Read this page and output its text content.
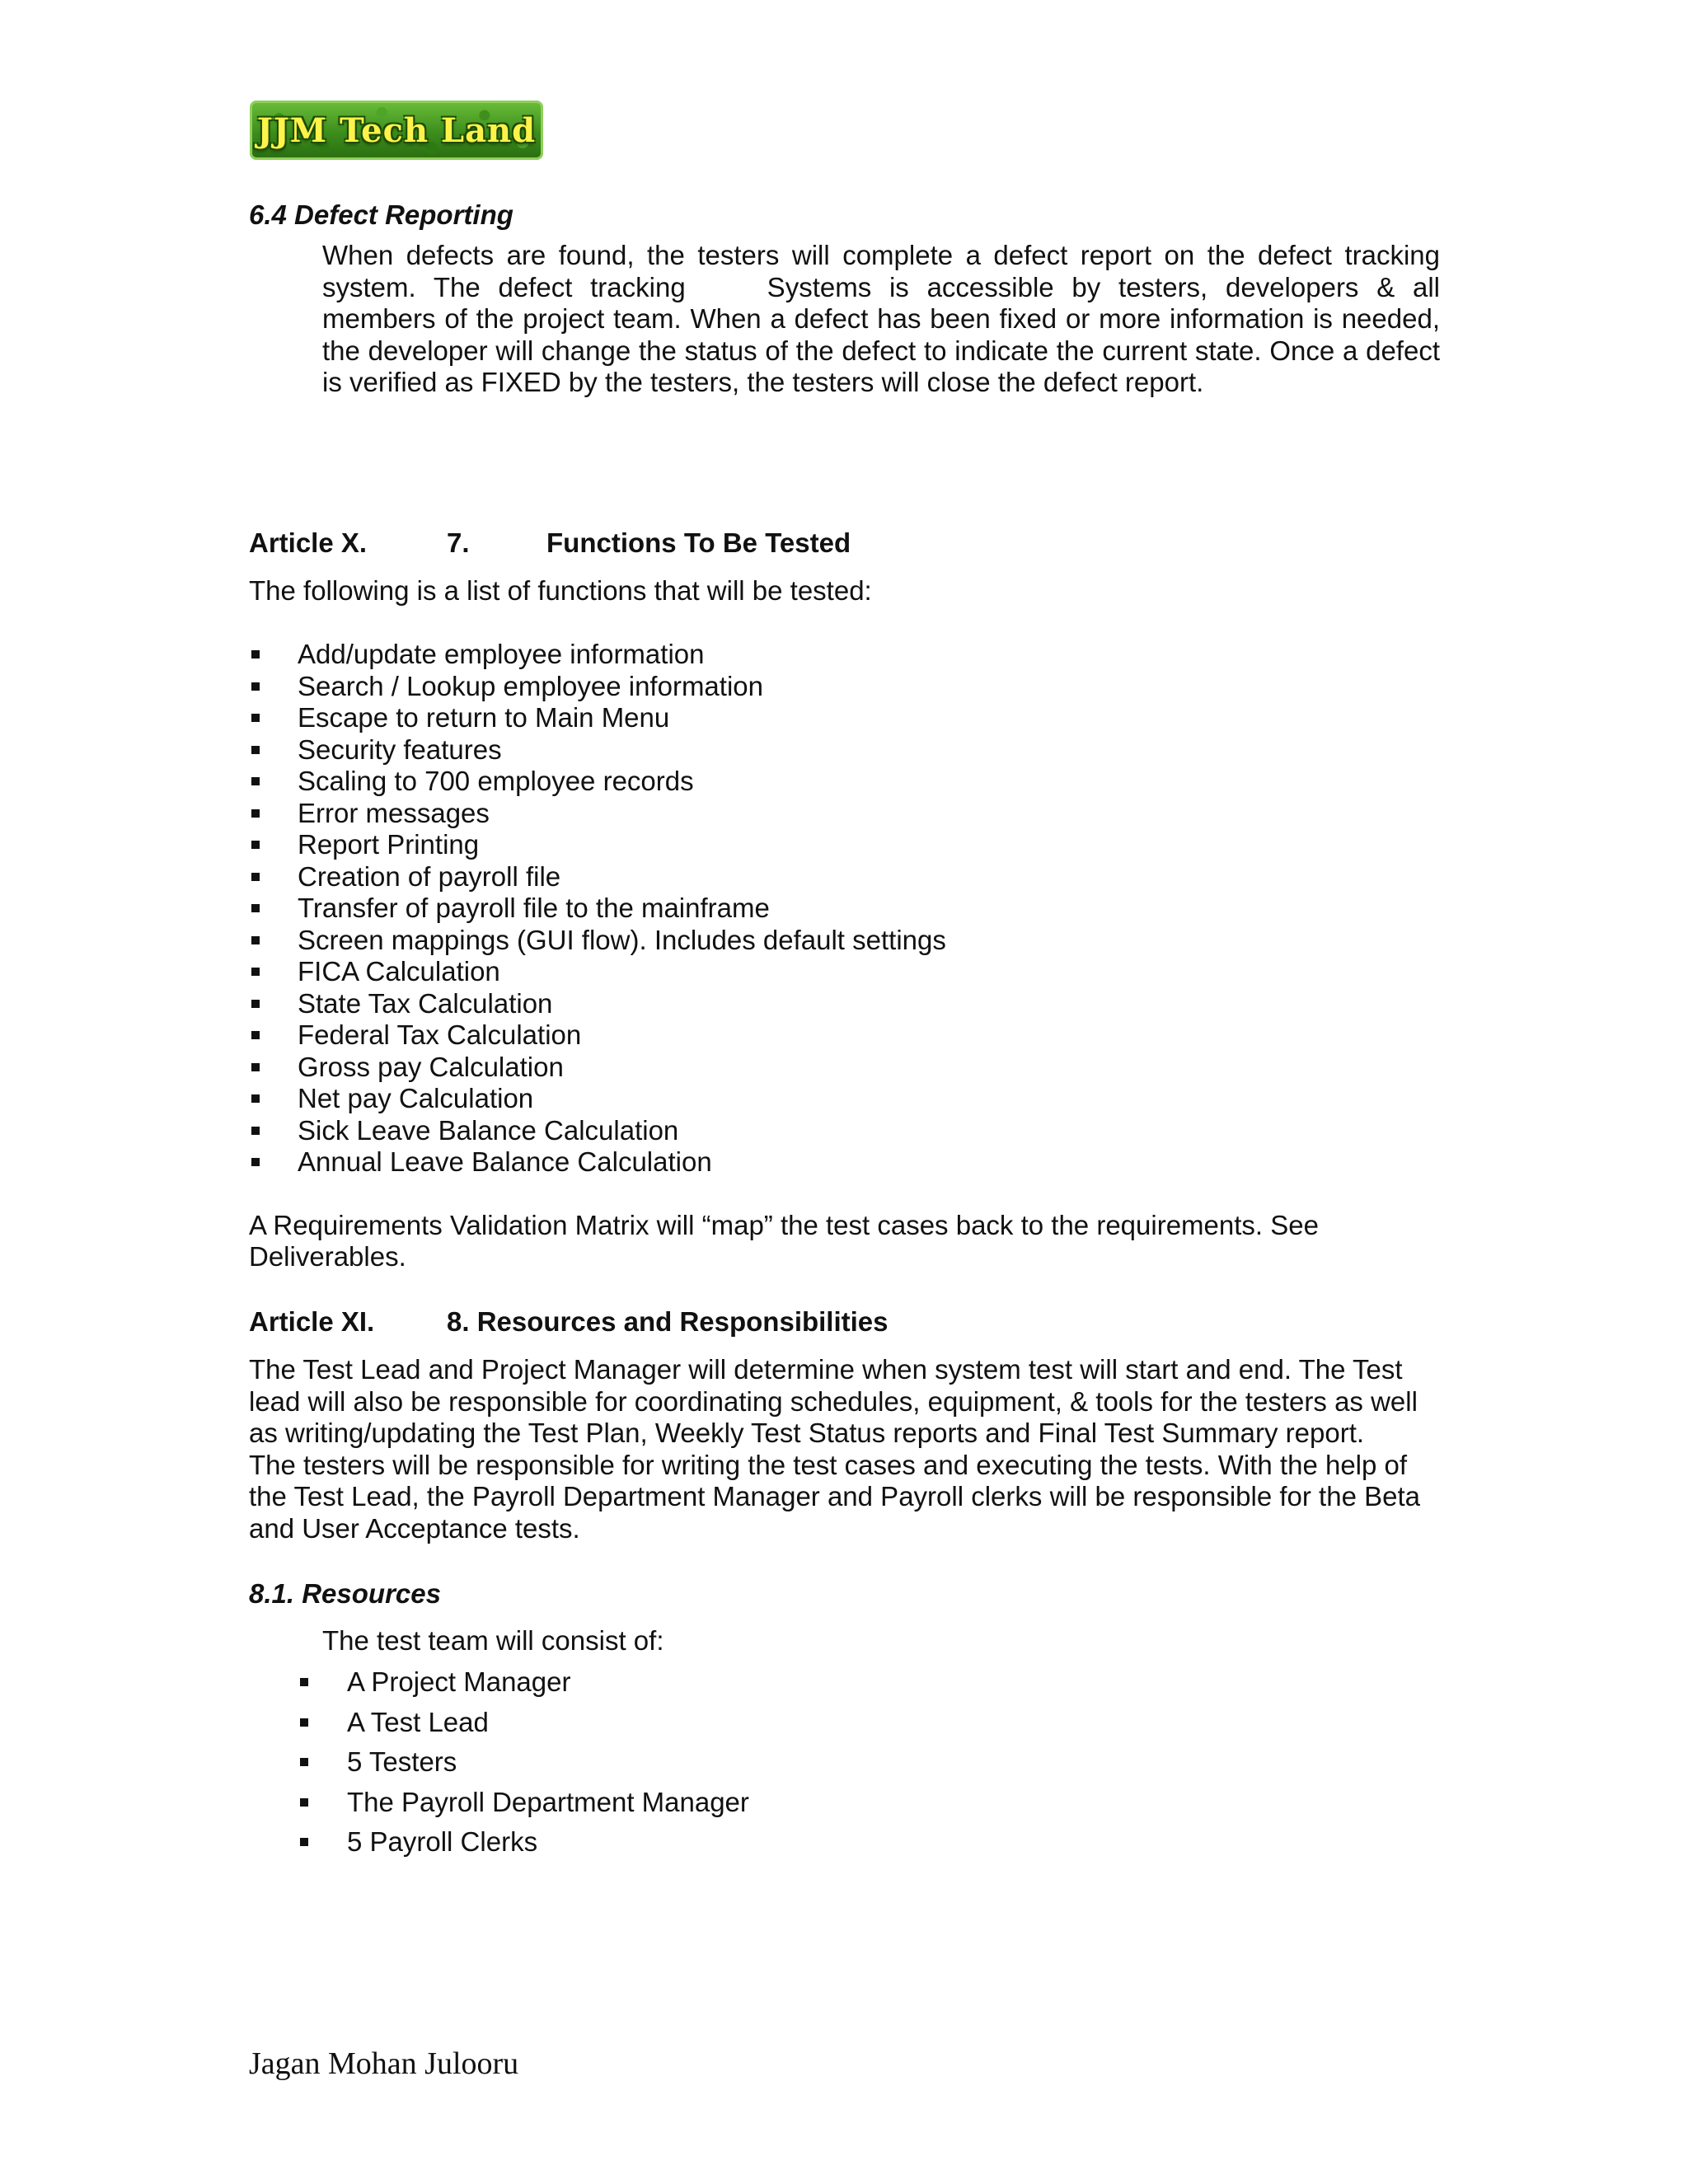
JJM Tech Land
6.4 Defect Reporting
When defects are found, the testers will complete a defect report on the defect tracking system. The defect tracking   Systems is accessible by testers, developers & all members of the project team. When a defect has been fixed or more information is needed, the developer will change the status of the defect to indicate the current state. Once a defect is verified as FIXED by the testers, the testers will close the defect report.
Article X.	7.	Functions To Be Tested
The following is a list of functions that will be tested:
Add/update employee information
Search / Lookup employee information
Escape to return to Main Menu
Security features
Scaling to 700 employee records
Error messages
Report Printing
Creation of payroll file
Transfer of payroll file to the mainframe
Screen mappings (GUI flow). Includes default settings
FICA Calculation
State Tax Calculation
Federal Tax Calculation
Gross pay Calculation
Net pay Calculation
Sick Leave Balance Calculation
Annual Leave Balance Calculation
A Requirements Validation Matrix will “map” the test cases back to the requirements. See
Deliverables.
Article XI.	8. Resources and Responsibilities
The Test Lead and Project Manager will determine when system test will start and end. The Test
lead will also be responsible for coordinating schedules, equipment, & tools for the testers as well
as writing/updating the Test Plan, Weekly Test Status reports and Final Test Summary report.
The testers will be responsible for writing the test cases and executing the tests. With the help of
the Test Lead, the Payroll Department Manager and Payroll clerks will be responsible for the Beta
and User Acceptance tests.
8.1. Resources
The test team will consist of:
A Project Manager
A Test Lead
5 Testers
The Payroll Department Manager
5 Payroll Clerks
Jagan Mohan Julooru
